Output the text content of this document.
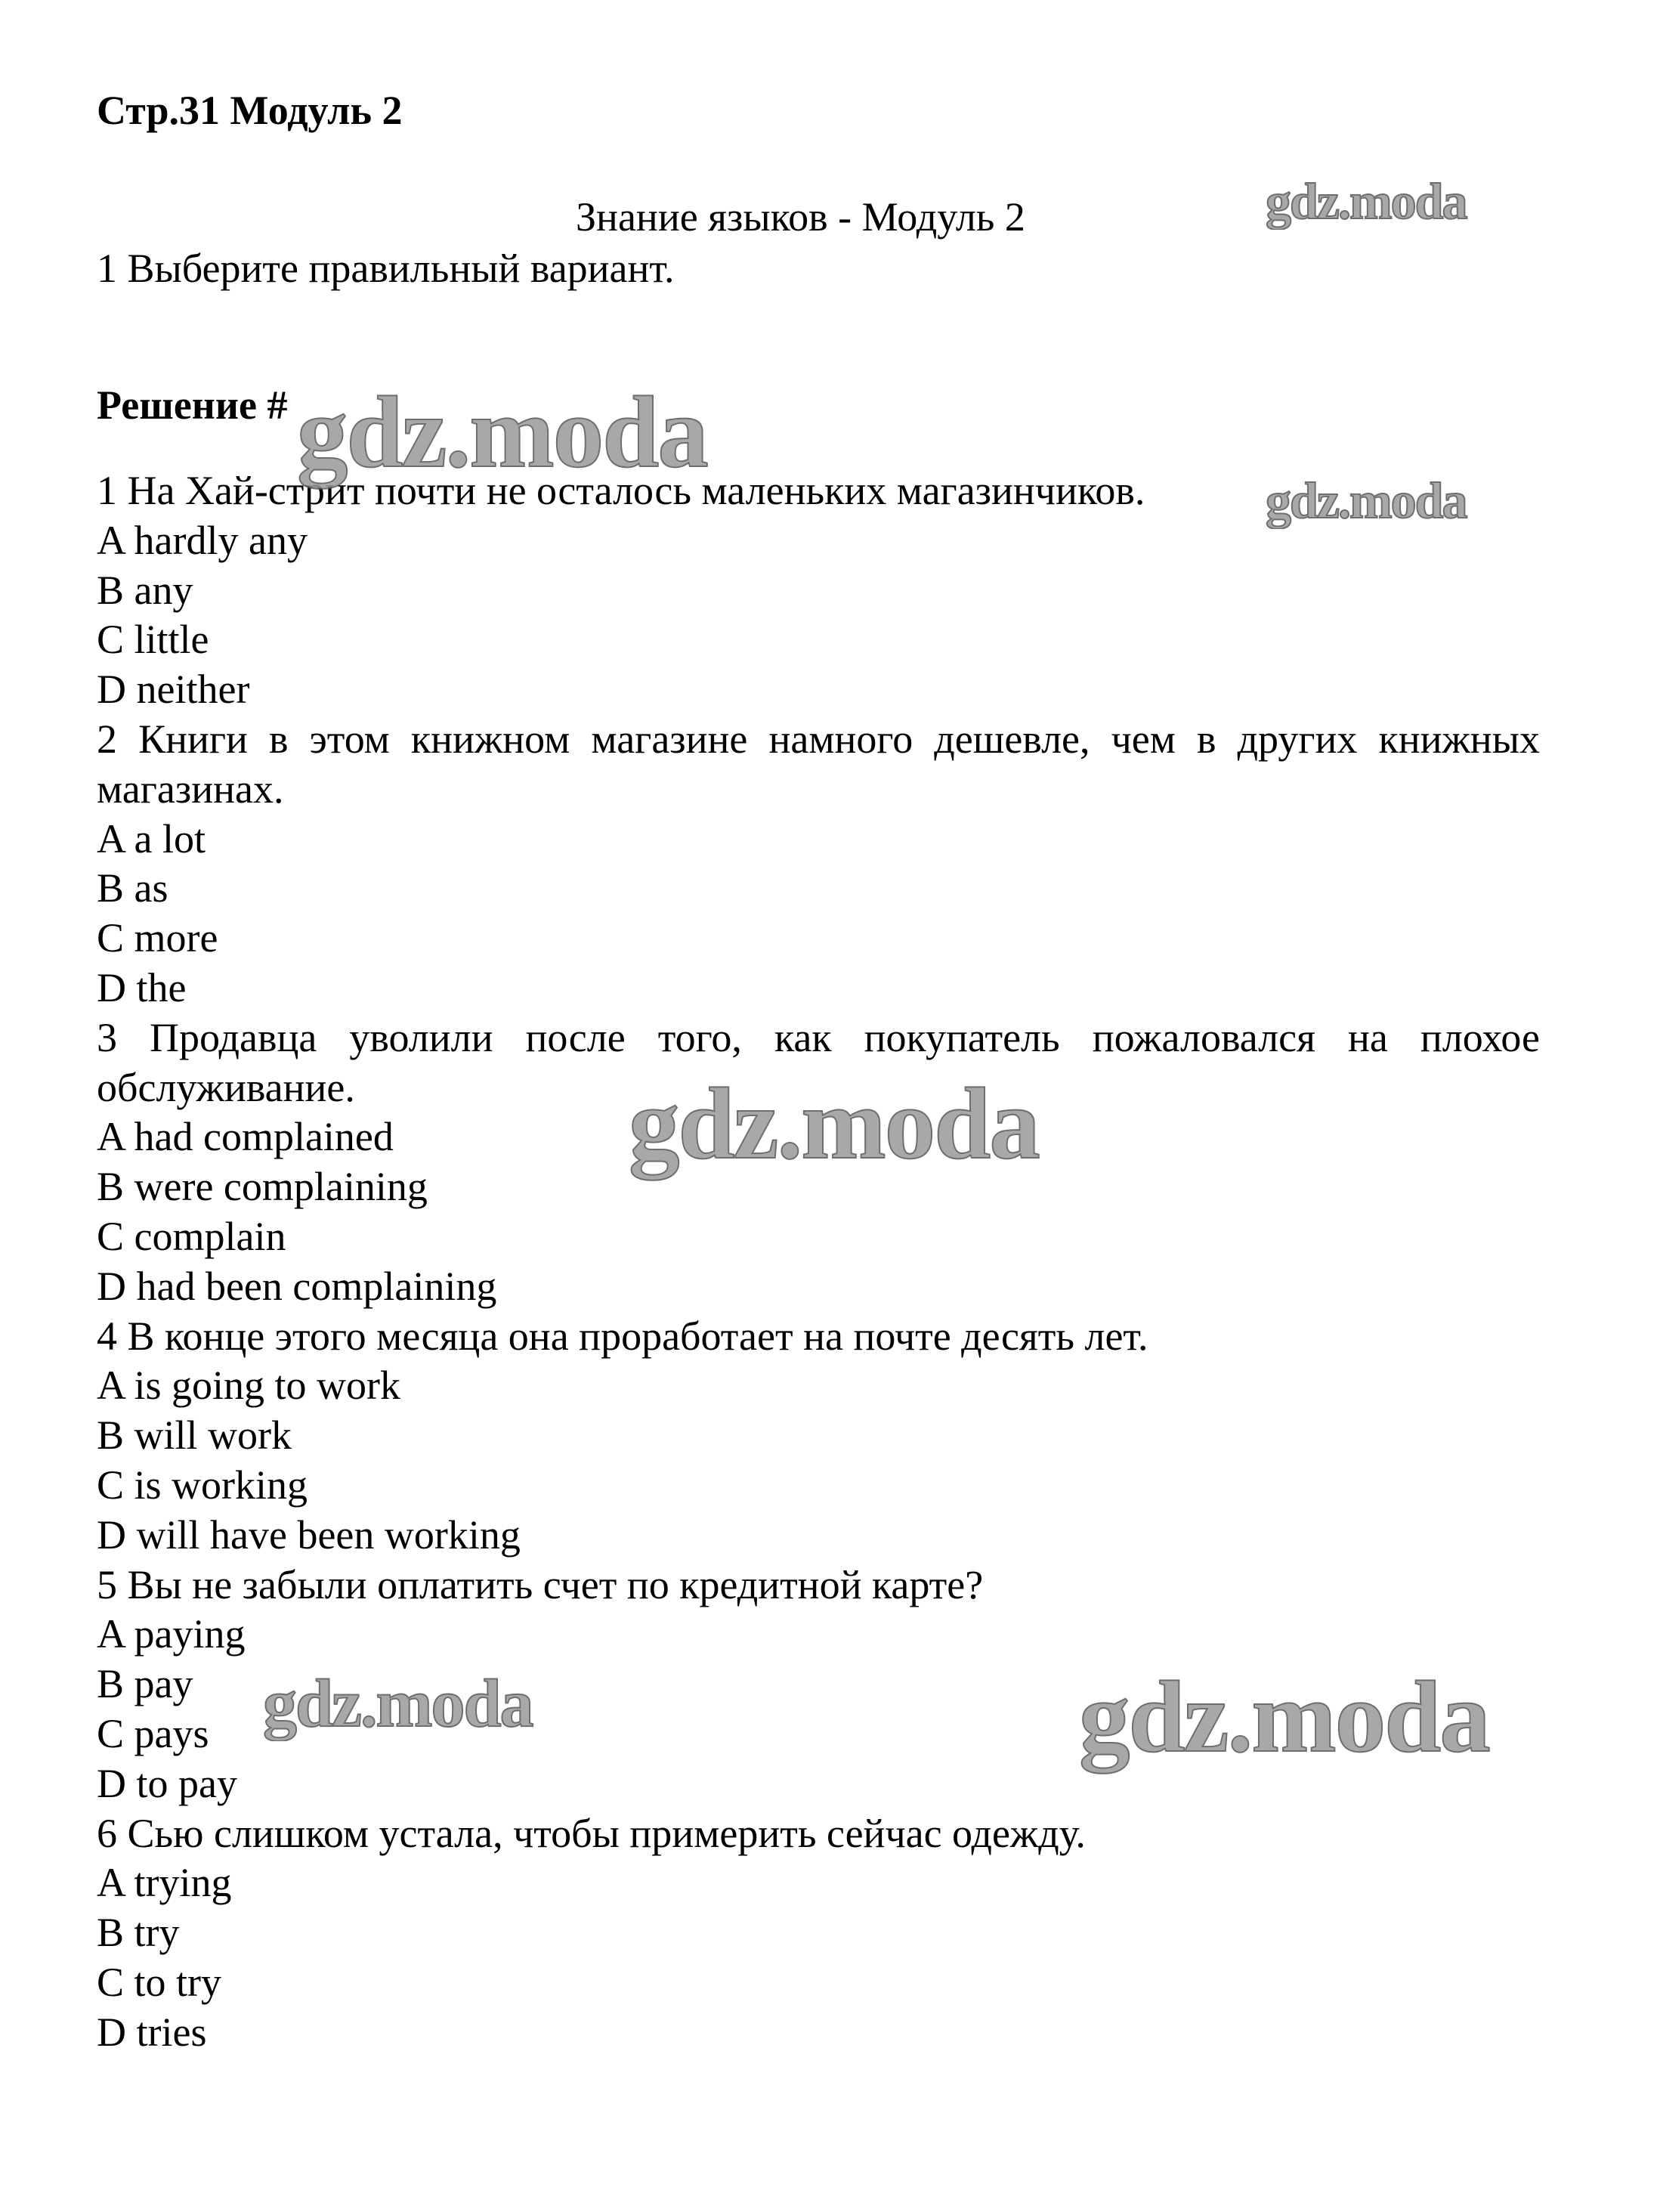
Стр.31 Модуль 2
Знание языков - Модуль 2
1 Выберите правильный вариант.
Решение #
1 На Хай-стрит почти не осталось маленьких магазинчиков.
A hardly any
B any
C little
D neither
2 Книги в этом книжном магазине намного дешевле, чем в других книжных
магазинах.
A a lot
B as
C more
D the
3 Продавца уволили после того, как покупатель пожаловался на плохое
обслуживание.
A had complained
B were complaining
C complain
D had been complaining
4 В конце этого месяца она проработает на почте десять лет.
A is going to work
B will work
C is working
D will have been working
5 Вы не забыли оплатить счет по кредитной карте?
A paying
B pay
C pays
D to pay
6 Сью слишком устала, чтобы примерить сейчас одежду.
A trying
B try
C to try
D tries
gdz.moda
gdz.moda
gdz.moda
gdz.moda
gdz.moda	gdz.moda
